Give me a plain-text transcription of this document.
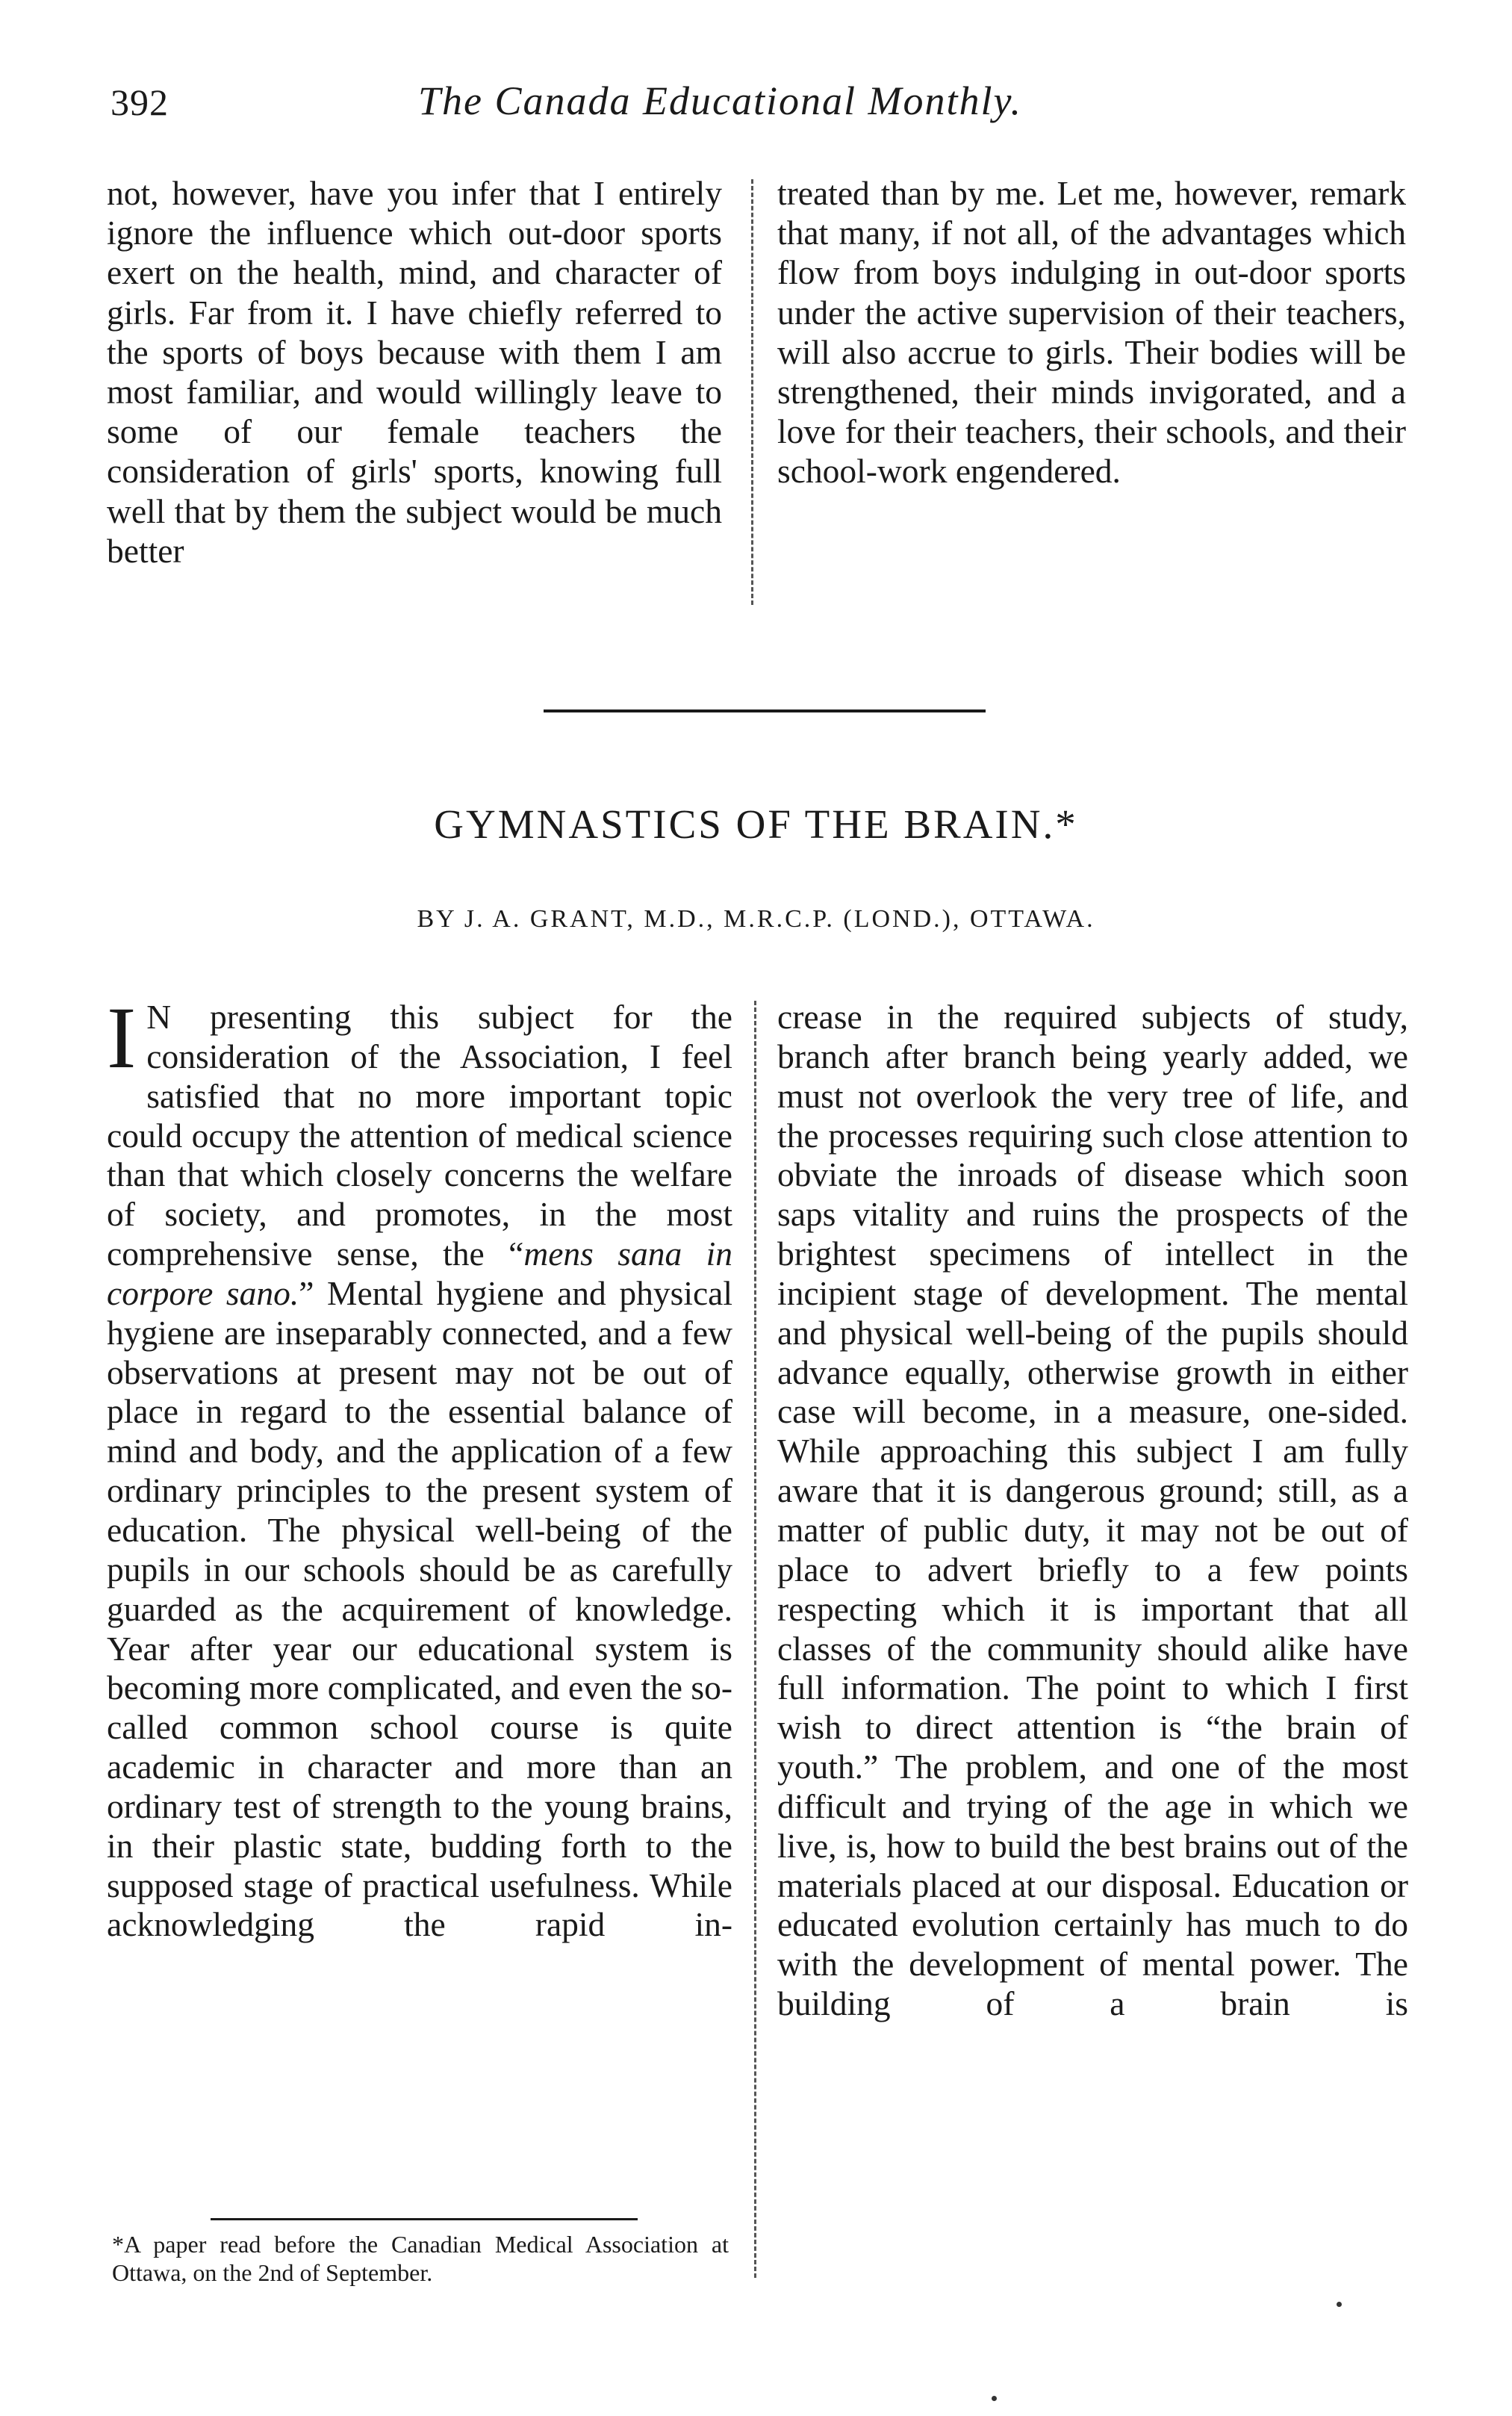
392	The Canada Educational Monthly.

not, however, have you infer that I entirely ignore the influence which out-door sports exert on the health, mind, and character of girls. Far from it. I have chiefly referred to the sports of boys because with them I am most familiar, and would willingly leave to some of our female teachers the consideration of girls' sports, knowing full well that by them the subject would be much better

treated than by me. Let me, however, remark that many, if not all, of the advantages which flow from boys indulging in out-door sports under the active supervision of their teachers, will also accrue to girls. Their bodies will be strengthened, their minds invigorated, and a love for their teachers, their schools, and their school-work engendered.

GYMNASTICS OF THE BRAIN.*
BY J. A. GRANT, M.D., M.R.C.P. (LOND.), OTTAWA.

I N presenting this subject for the consideration of the Association, I feel satisfied that no more important topic could occupy the attention of medical science than that which closely concerns the welfare of society, and promotes, in the most comprehensive sense, the “mens sana in corpore sano.” Mental hygiene and physical hygiene are inseparably connected, and a few observations at present may not be out of place in regard to the essential balance of mind and body, and the application of a few ordinary principles to the present system of education. The physical well-being of the pupils in our schools should be as carefully guarded as the acquirement of knowledge. Year after year our educational system is becoming more complicated, and even the so-called common school course is quite academic in character and more than an ordinary test of strength to the young brains, in their plastic state, budding forth to the supposed stage of practical usefulness. While acknowledging the rapid in-

crease in the required subjects of study, branch after branch being yearly added, we must not overlook the very tree of life, and the processes requiring such close attention to obviate the inroads of disease which soon saps vitality and ruins the prospects of the brightest specimens of intellect in the incipient stage of development. The mental and physical well-being of the pupils should advance equally, otherwise growth in either case will become, in a measure, one-sided. While approaching this subject I am fully aware that it is dangerous ground; still, as a matter of public duty, it may not be out of place to advert briefly to a few points respecting which it is important that all classes of the community should alike have full information. The point to which I first wish to direct attention is “the brain of youth.” The problem, and one of the most difficult and trying of the age in which we live, is, how to build the best brains out of the materials placed at our disposal. Education or educated evolution certainly has much to do with the development of mental power. The building of a brain is

*A paper read before the Canadian Medical Association at Ottawa, on the 2nd of September.
